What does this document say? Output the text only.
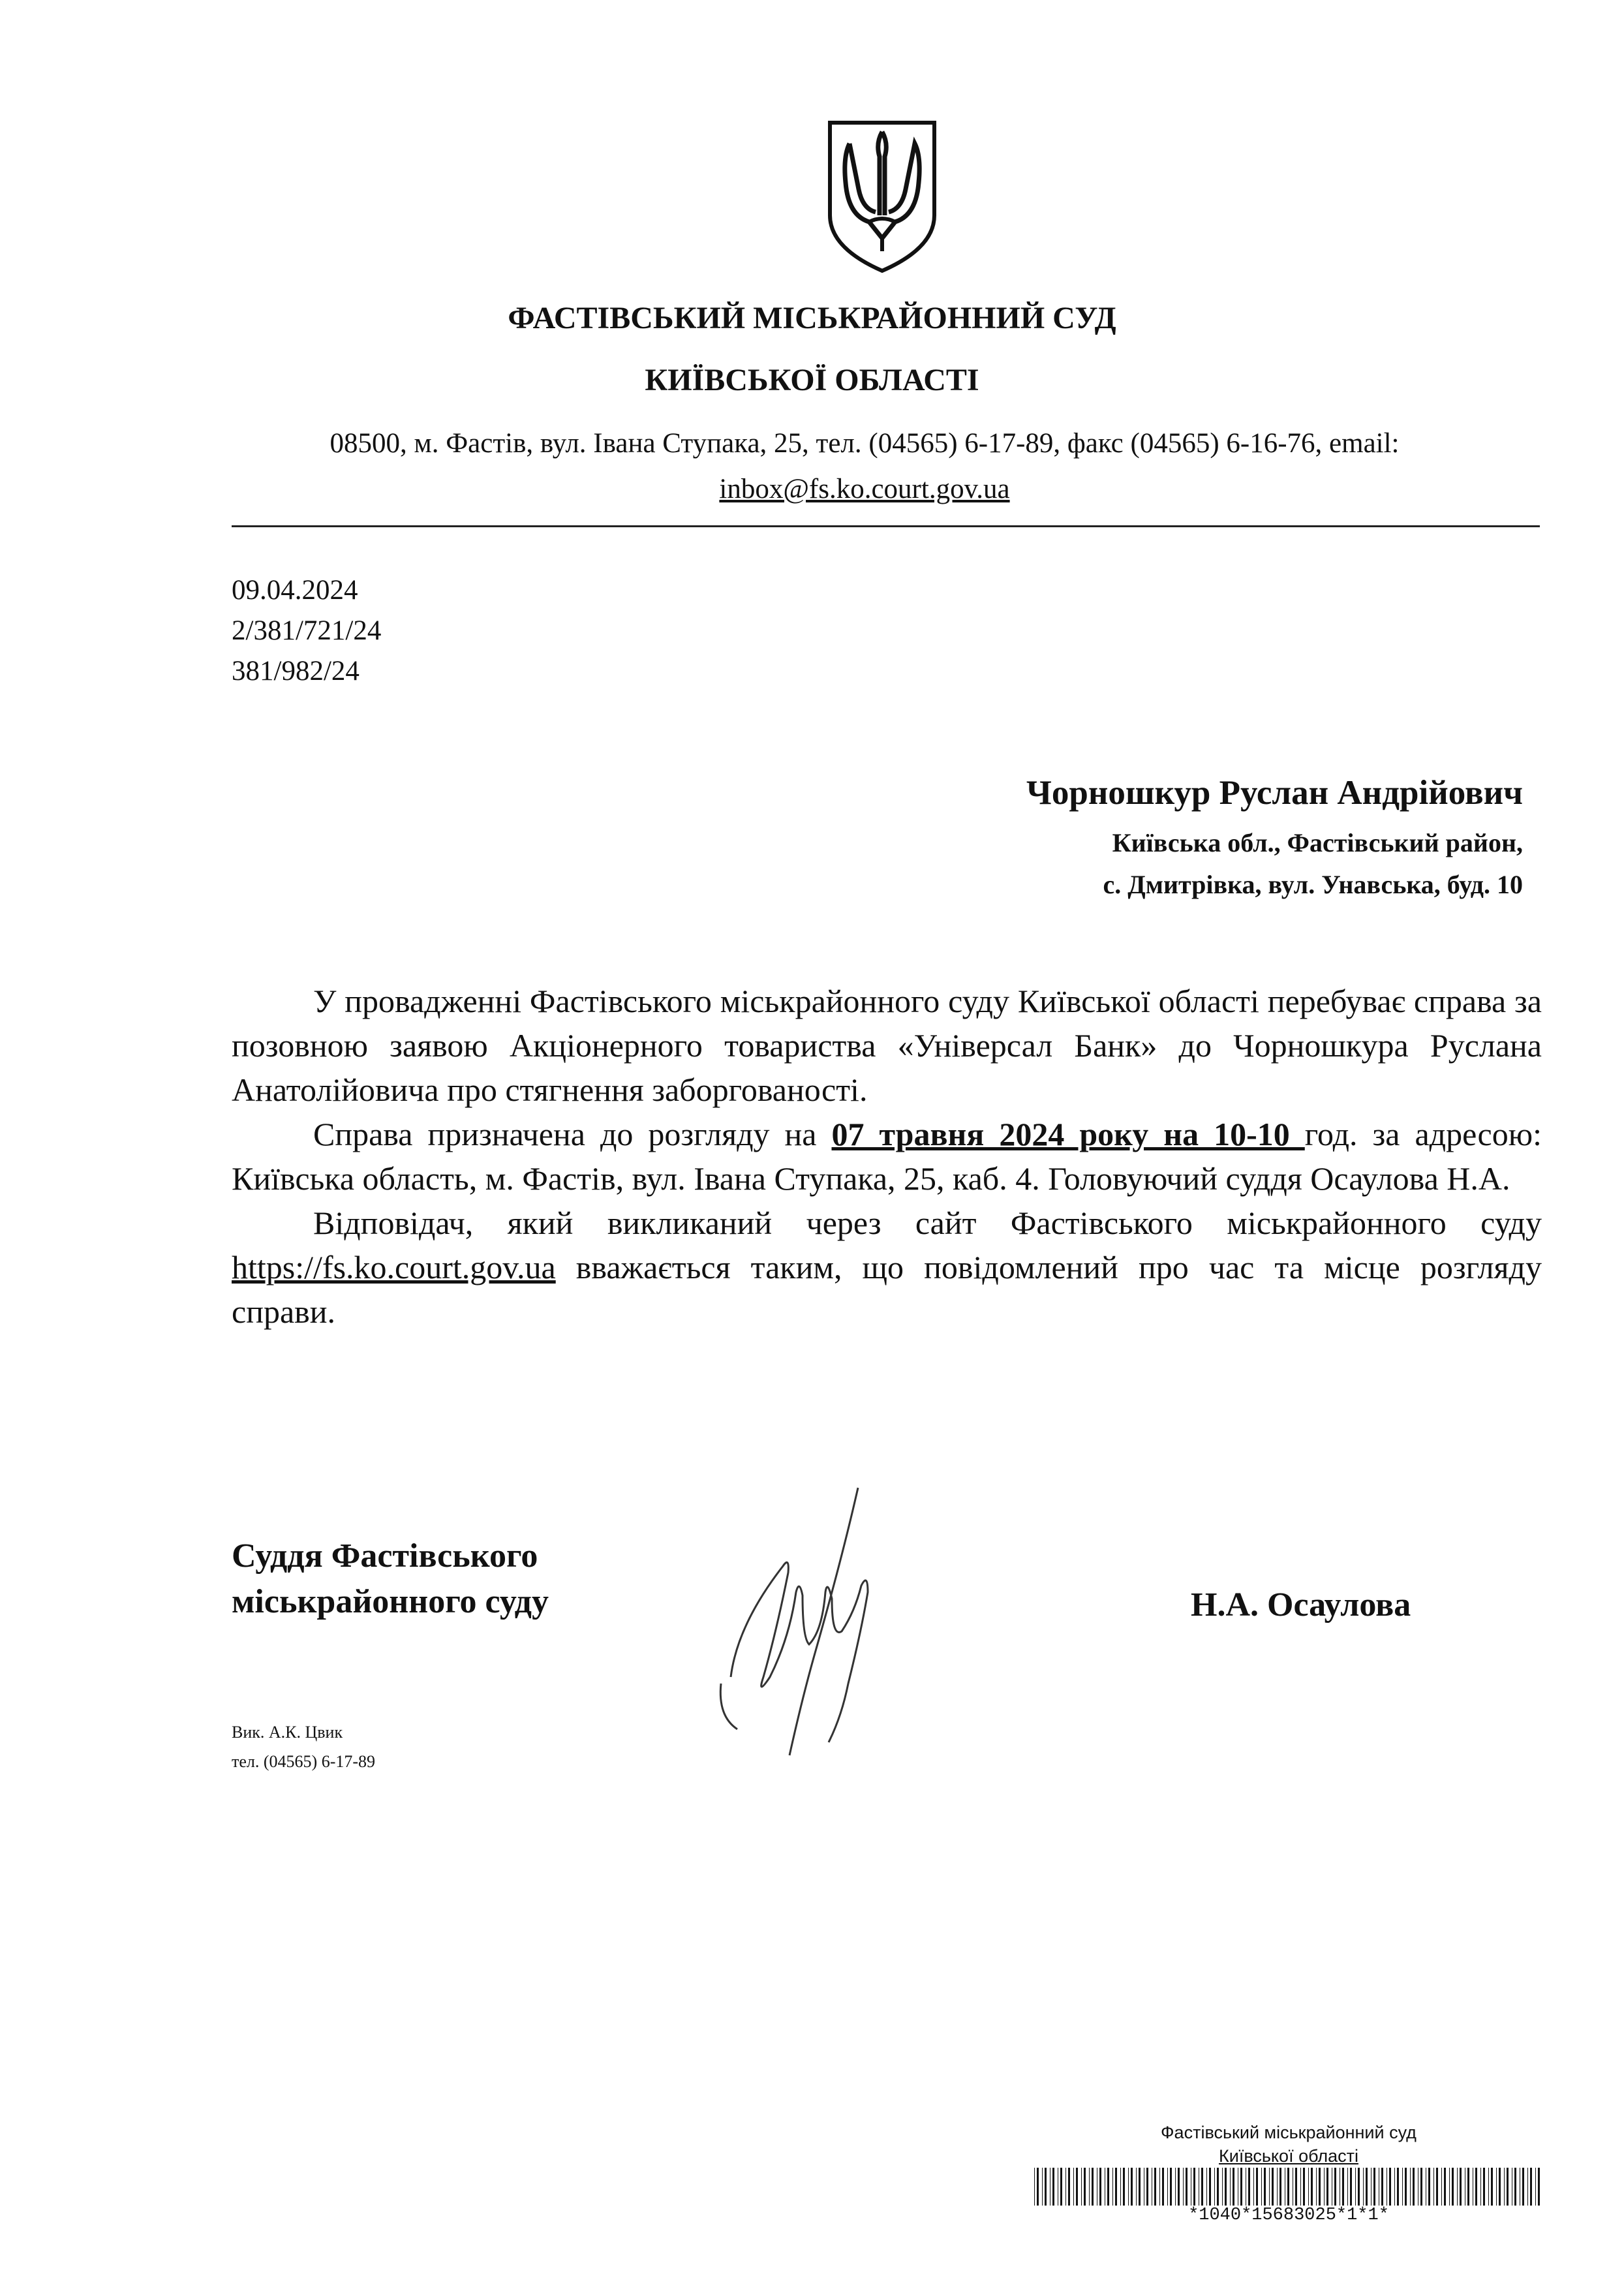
ФАСТІВСЬКИЙ МІСЬКРАЙОННИЙ СУД
КИЇВСЬКОЇ ОБЛАСТІ
08500, м. Фастів, вул. Івана Ступака, 25, тел. (04565) 6-17-89, факс (04565) 6-16-76, email:
inbox@fs.ko.court.gov.ua
09.04.2024
2/381/721/24
381/982/24
Чорношкур Руслан Андрійович
Київська обл., Фастівський район,
с. Дмитрівка, вул. Унавська, буд. 10

У провадженні Фастівського міськрайонного суду Київської області перебуває справа за позовною заявою Акціонерного товариства «Універсал Банк» до Чорношкура Руслана Анатолійовича про стягнення заборгованості.

Справа призначена до розгляду на 07 травня 2024 року на 10-10 год. за адресою: Київська область, м. Фастів, вул. Івана Ступака, 25, каб. 4. Головуючий суддя Осаулова Н.А.

Відповідач, який викликаний через сайт Фастівського міськрайонного суду https://fs.ko.court.gov.ua вважається таким, що повідомлений про час та місце розгляду справи.

Суддя Фастівського
міськрайонного суду	Н.А. Осаулова
Вик. А.К. Цвик
тел. (04565) 6-17-89
Фастівський міськрайонний суд
Київської області
*1040*15683025*1*1*
